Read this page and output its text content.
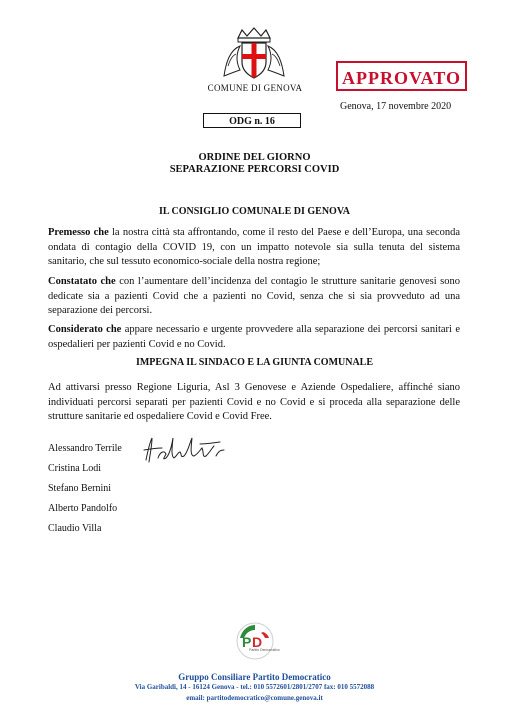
COMUNE DI GENOVA	APPROVATO
Genova, 17 novembre 2020
ODG n. 16
ORDINE DEL GIORNO
SEPARAZIONE PERCORSI COVID
IL CONSIGLIO COMUNALE DI GENOVA
Premesso che la nostra città sta affrontando, come il resto del Paese e dell’Europa, una seconda ondata di contagio della COVID 19, con un impatto notevole sia sulla tenuta del sistema sanitario, che sul tessuto economico-sociale della nostra regione;
Constatato che con l’aumentare dell’incidenza del contagio le strutture sanitarie genovesi sono dedicate sia a pazienti Covid che a pazienti no Covid, senza che si sia provveduto ad una separazione dei percorsi.
Considerato che appare necessario e urgente provvedere alla separazione dei percorsi sanitari e ospedalieri per pazienti Covid e no Covid.
IMPEGNA IL SINDACO E LA GIUNTA COMUNALE
Ad attivarsi presso Regione Liguria, Asl 3 Genovese e Aziende Ospedaliere, affinché siano individuati percorsi separati per pazienti Covid e no Covid e si proceda alla separazione delle strutture sanitarie ed ospedaliere Covid e Covid Free.
Alessandro Terrile
Cristina Lodi
Stefano Bernini
Alberto Pandolfo
Claudio Villa
P D
Partito Democratico
Gruppo Consiliare Partito Democratico
Via Garibaldi, 14 - 16124 Genova - tel.: 010 5572601/2801/2707 fax: 010 5572088
email: partitodemocratico@comune.genova.it
